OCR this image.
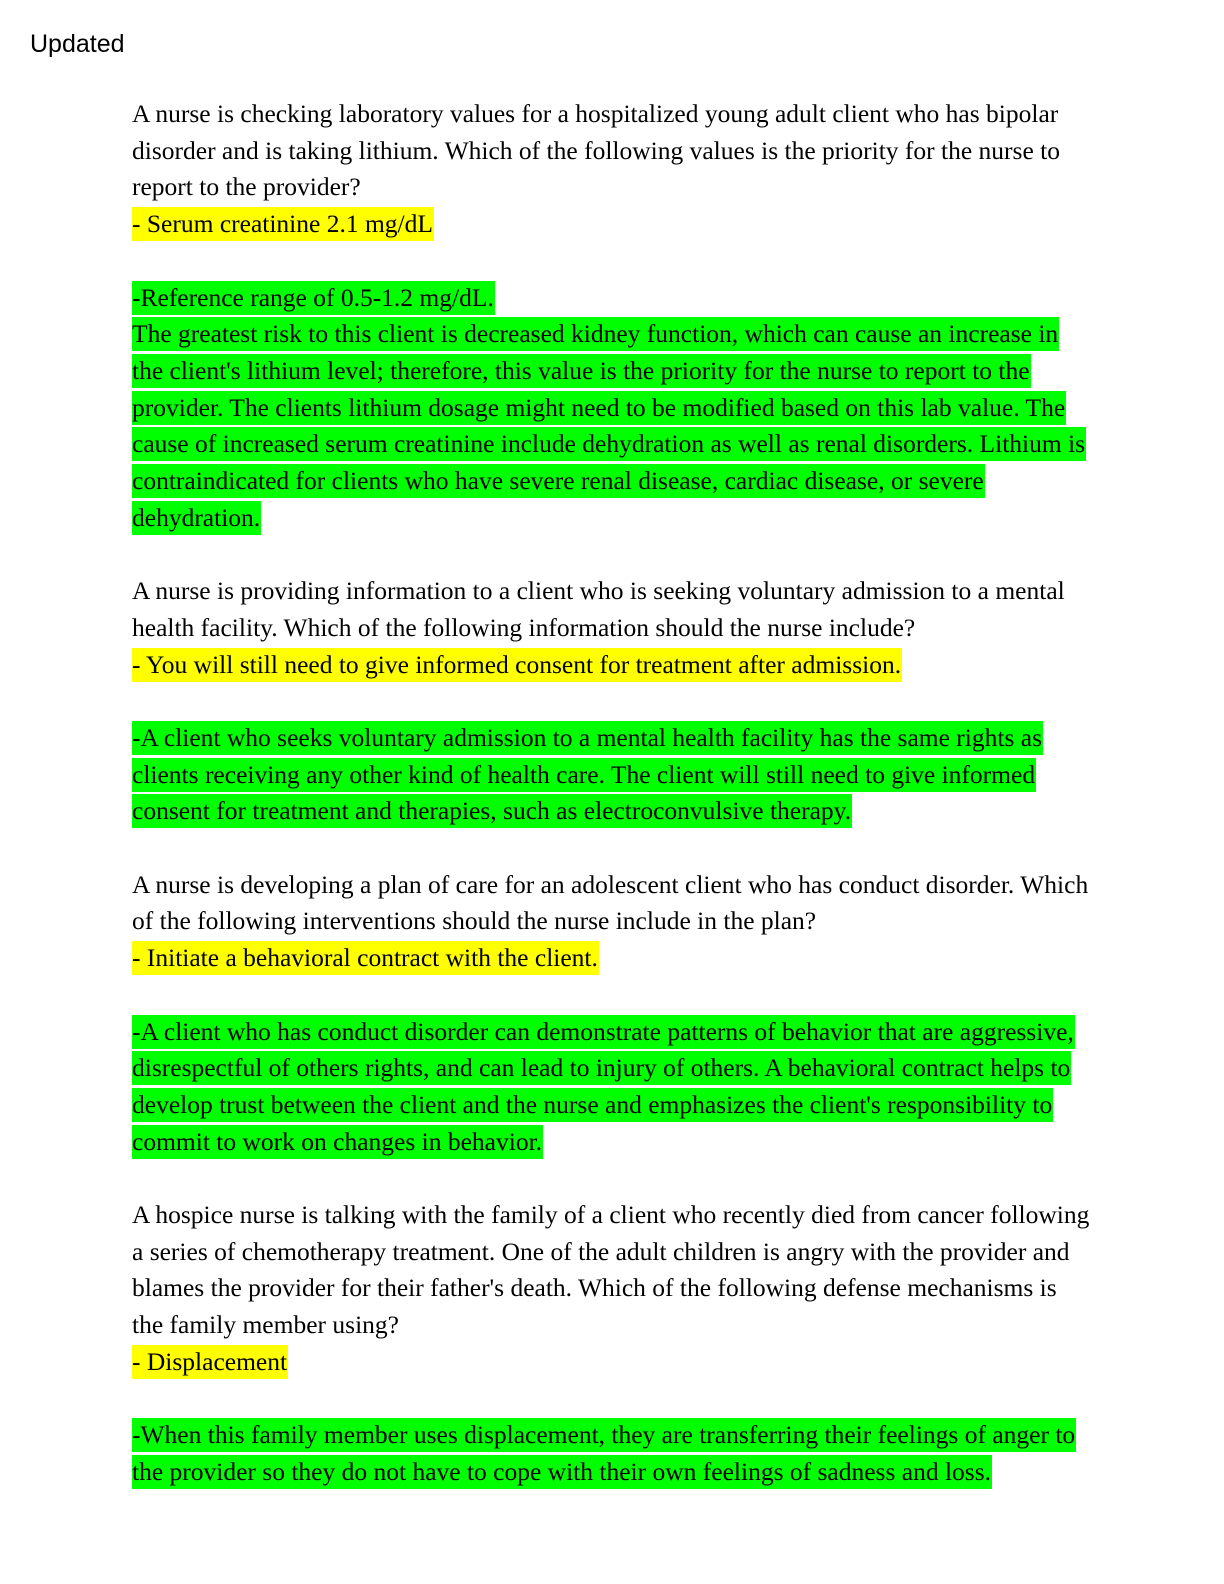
Updated

A nurse is checking laboratory values for a hospitalized young adult client who has bipolar disorder and is taking lithium. Which of the following values is the priority for the nurse to report to the provider?

- Serum creatinine 2.1 mg/dL

-Reference range of 0.5-1.2 mg/dL.

The greatest risk to this client is decreased kidney function, which can cause an increase in the client's lithium level; therefore, this value is the priority for the nurse to report to the provider. The clients lithium dosage might need to be modified based on this lab value. The cause of increased serum creatinine include dehydration as well as renal disorders. Lithium is contraindicated for clients who have severe renal disease, cardiac disease, or severe dehydration.

A nurse is providing information to a client who is seeking voluntary admission to a mental health facility. Which of the following information should the nurse include?

- You will still need to give informed consent for treatment after admission.

-A client who seeks voluntary admission to a mental health facility has the same rights as clients receiving any other kind of health care. The client will still need to give informed consent for treatment and therapies, such as electroconvulsive therapy.

A nurse is developing a plan of care for an adolescent client who has conduct disorder. Which of the following interventions should the nurse include in the plan?

- Initiate a behavioral contract with the client.

-A client who has conduct disorder can demonstrate patterns of behavior that are aggressive, disrespectful of others rights, and can lead to injury of others. A behavioral contract helps to develop trust between the client and the nurse and emphasizes the client's responsibility to commit to work on changes in behavior.

A hospice nurse is talking with the family of a client who recently died from cancer following a series of chemotherapy treatment. One of the adult children is angry with the provider and blames the provider for their father's death. Which of the following defense mechanisms is the family member using?

- Displacement

-When this family member uses displacement, they are transferring their feelings of anger to the provider so they do not have to cope with their own feelings of sadness and loss.
